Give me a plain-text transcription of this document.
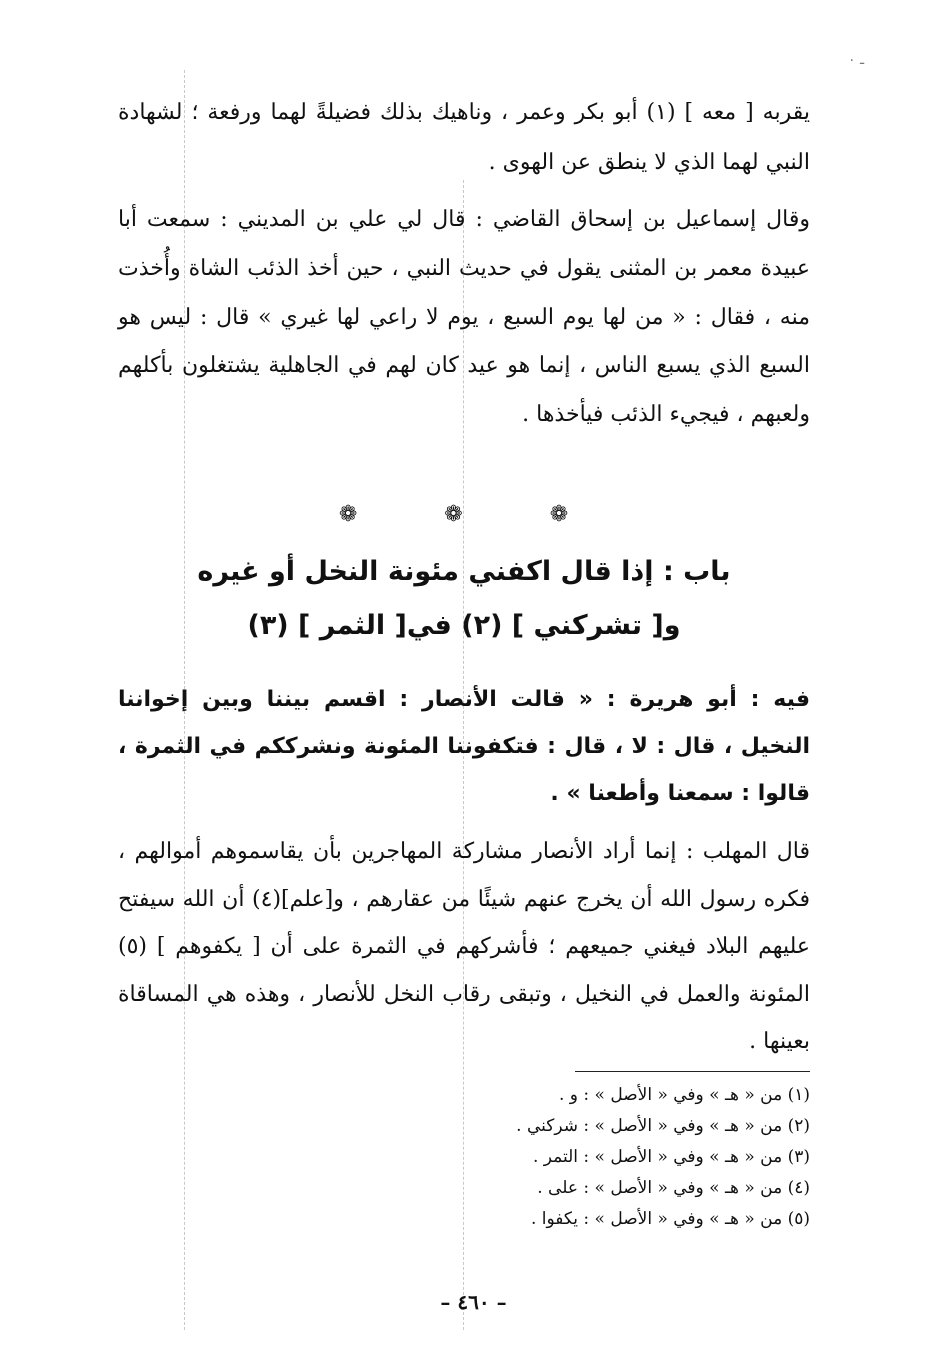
ـ ٠
يقربه [ معه ] (١) أبو بكر وعمر ، وناهيك بذلك فضيلةً لهما ورفعة ؛ لشهادة النبي لهما الذي لا ينطق عن الهوى .
وقال إسماعيل بن إسحاق القاضي : قال لي علي بن المديني : سمعت أبا عبيدة معمر بن المثنى يقول في حديث النبي ، حين أخذ الذئب الشاة وأُخذت منه ، فقال : « من لها يوم السبع ، يوم لا راعي لها غيري » قال : ليس هو السبع الذي يسبع الناس ، إنما هو عيد كان لهم في الجاهلية يشتغلون بأكلهم ولعبهم ، فيجيء الذئب فيأخذها .
❁ ❁ ❁
باب : إذا قال اكفني مئونة النخل أو غيره
و[ تشركني ] (٢) في[ الثمر ] (٣)
فيه : أبو هريرة : « قالت الأنصار : اقسم بيننا وبين إخواننا النخيل ، قال : لا ، قال : فتكفوننا المئونة ونشرككم في الثمرة ، قالوا : سمعنا وأطعنا » .
قال المهلب : إنما أراد الأنصار مشاركة المهاجرين بأن يقاسموهم أموالهم ، فكره رسول الله أن يخرج عنهم شيئًا من عقارهم ، و[علم](٤) أن الله سيفتح عليهم البلاد فيغني جميعهم ؛ فأشركهم في الثمرة على أن [ يكفوهم ] (٥) المئونة والعمل في النخيل ، وتبقى رقاب النخل للأنصار ، وهذه هي المساقاة بعينها .
(١) من « هـ » وفي « الأصل » : و .
(٢) من « هـ » وفي « الأصل » : شركني .
(٣) من « هـ » وفي « الأصل » : التمر .
(٤) من « هـ » وفي « الأصل » : على .
(٥) من « هـ » وفي « الأصل » : يكفوا .
– ٤٦٠ –
